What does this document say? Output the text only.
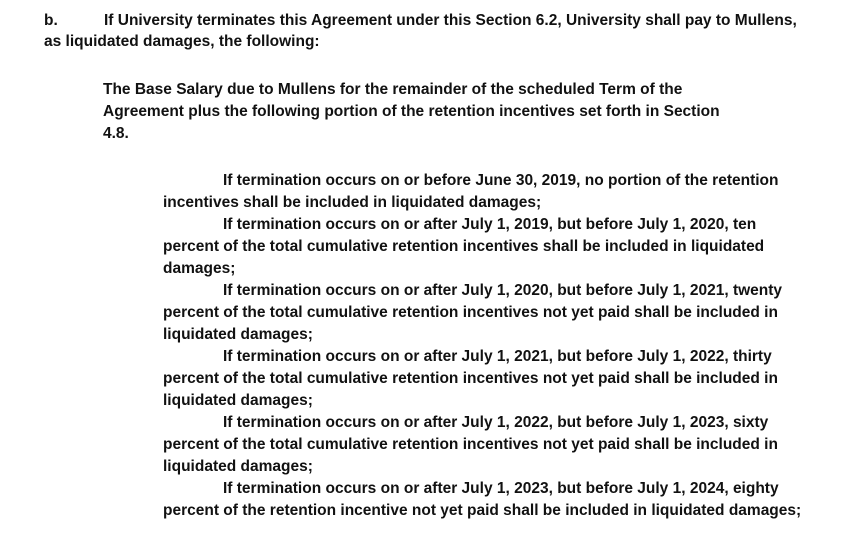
b.	If University terminates this Agreement under this Section 6.2, University shall pay to Mullens,
as liquidated damages, the following:
The Base Salary due to Mullens for the remainder of the scheduled Term of the
Agreement plus the following portion of the retention incentives set forth in Section
4.8.
If termination occurs on or before June 30, 2019, no portion of the retention
incentives shall be included in liquidated damages;
If termination occurs on or after July 1, 2019, but before July 1, 2020, ten
percent of the total cumulative retention incentives shall be included in liquidated
damages;
If termination occurs on or after July 1, 2020, but before July 1, 2021, twenty
percent of the total cumulative retention incentives not yet paid shall be included in
liquidated damages;
If termination occurs on or after July 1, 2021, but before July 1, 2022, thirty
percent of the total cumulative retention incentives not yet paid shall be included in
liquidated damages;
If termination occurs on or after July 1, 2022, but before July 1, 2023, sixty
percent of the total cumulative retention incentives not yet paid shall be included in
liquidated damages;
If termination occurs on or after July 1, 2023, but before July 1, 2024, eighty
percent of the retention incentive not yet paid shall be included in liquidated damages;
